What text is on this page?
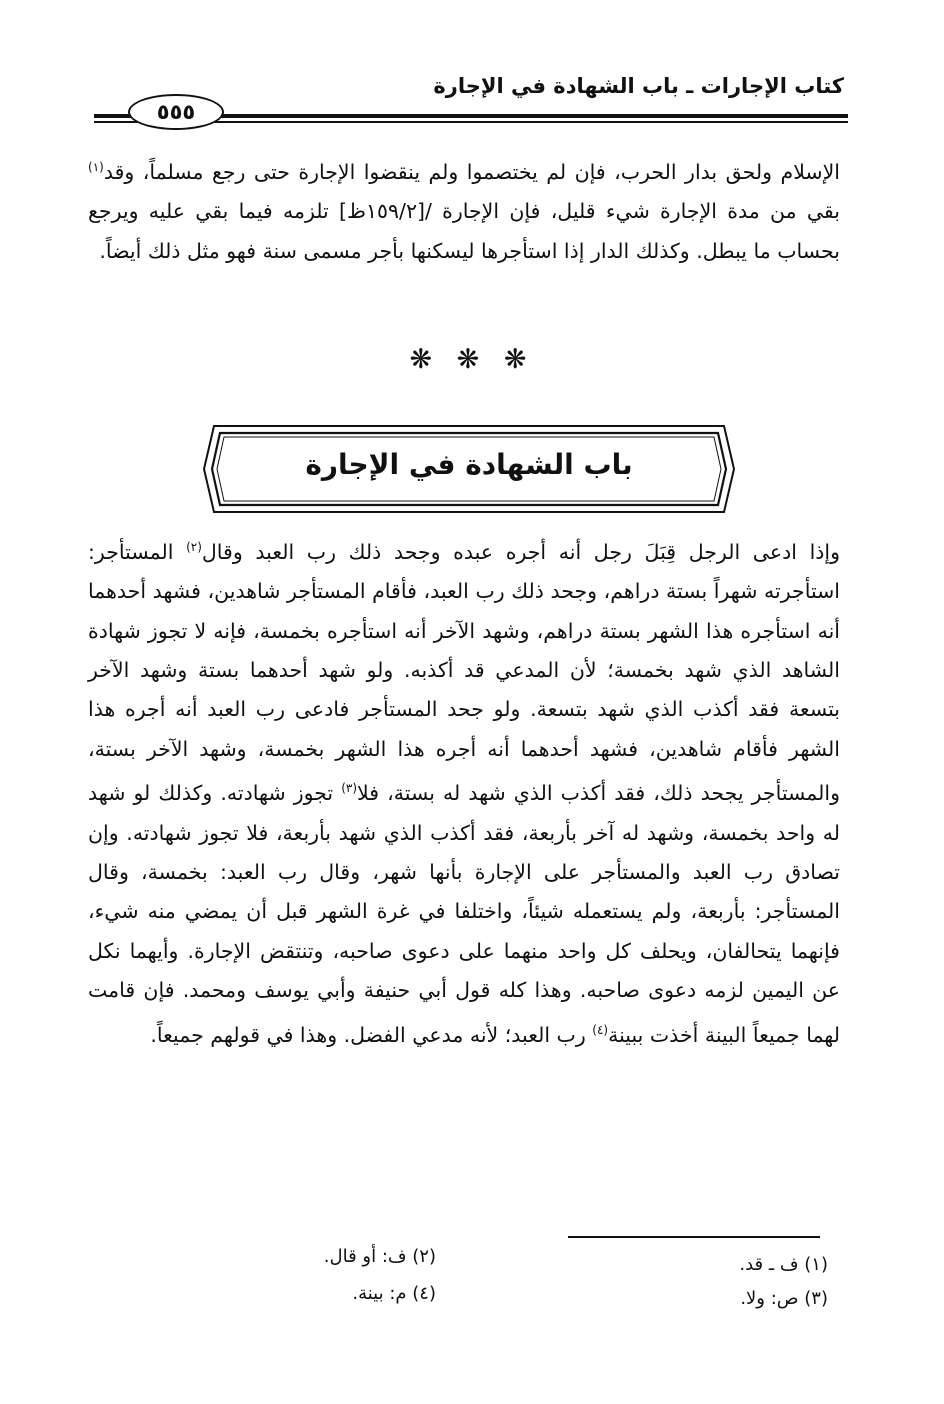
كتاب الإجارات ـ باب الشهادة في الإجارة
٥٥٥

الإسلام ولحق بدار الحرب، فإن لم يختصموا ولم ينقضوا الإجارة حتى رجع مسلماً، وقد$^{(١)}$ بقي من مدة الإجارة شيء قليل، فإن الإجارة /[١٥٩/٢ظ] تلزمه فيما بقي عليه ويرجع بحساب ما يبطل. وكذلك الدار إذا استأجرها ليسكنها بأجر مسمى سنة فهو مثل ذلك أيضاً.

❋ ❋ ❋
باب الشهادة في الإجارة

وإذا ادعى الرجل قِبَلَ رجل أنه أجره عبده وجحد ذلك رب العبد وقال$^{(٢)}$ المستأجر: استأجرته شهراً بستة دراهم، وجحد ذلك رب العبد، فأقام المستأجر شاهدين، فشهد أحدهما أنه استأجره هذا الشهر بستة دراهم، وشهد الآخر أنه استأجره بخمسة، فإنه لا تجوز شهادة الشاهد الذي شهد بخمسة؛ لأن المدعي قد أكذبه. ولو شهد أحدهما بستة وشهد الآخر بتسعة فقد أكذب الذي شهد بتسعة. ولو جحد المستأجر فادعى رب العبد أنه أجره هذا الشهر فأقام شاهدين، فشهد أحدهما أنه أجره هذا الشهر بخمسة، وشهد الآخر بستة، والمستأجر يجحد ذلك، فقد أكذب الذي شهد له بستة، فلا$^{(٣)}$ تجوز شهادته. وكذلك لو شهد له واحد بخمسة، وشهد له آخر بأربعة، فقد أكذب الذي شهد بأربعة، فلا تجوز شهادته. وإن تصادق رب العبد والمستأجر على الإجارة بأنها شهر، وقال رب العبد: بخمسة، وقال المستأجر: بأربعة، ولم يستعمله شيئاً، واختلفا في غرة الشهر قبل أن يمضي منه شيء، فإنهما يتحالفان، ويحلف كل واحد منهما على دعوى صاحبه، وتنتقض الإجارة. وأيهما نكل عن اليمين لزمه دعوى صاحبه. وهذا كله قول أبي حنيفة وأبي يوسف ومحمد. فإن قامت لهما جميعاً البينة أخذت ببينة$^{(٤)}$ رب العبد؛ لأنه مدعي الفضل. وهذا في قولهم جميعاً.

(١) ف ـ قد.
(٢) ف: أو قال.
(٣) ص: ولا.
(٤) م: بينة.
